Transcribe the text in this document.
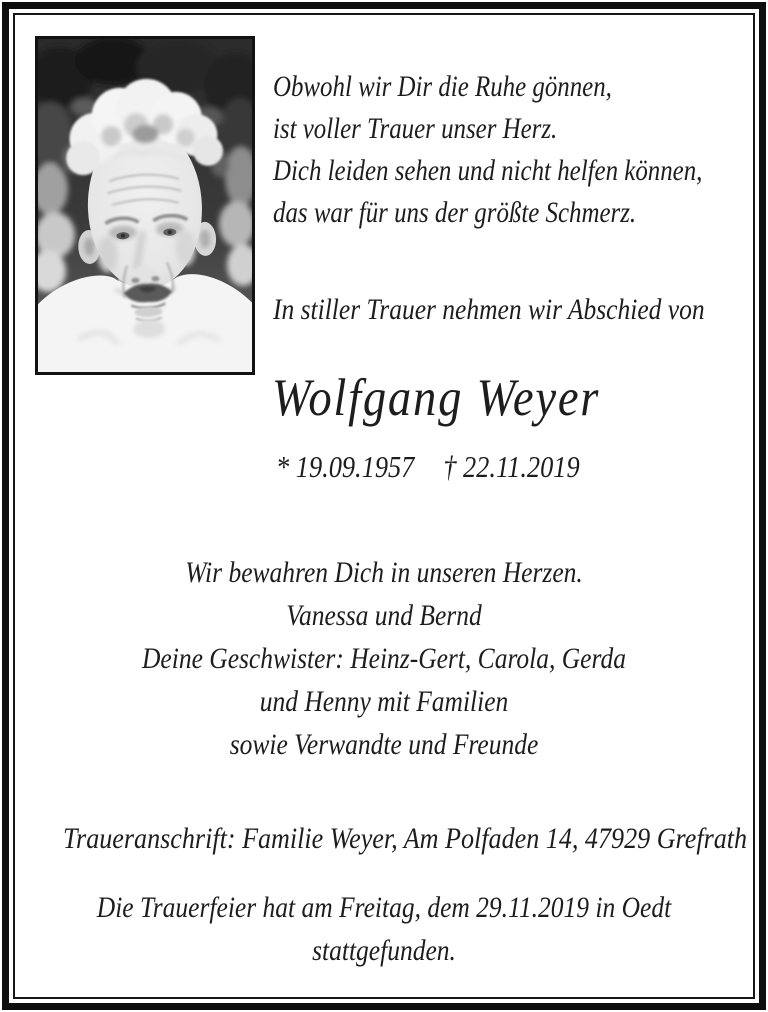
Obwohl wir Dir die Ruhe gönnen,
ist voller Trauer unser Herz.
Dich leiden sehen und nicht helfen können,
das war für uns der größte Schmerz.
In stiller Trauer nehmen wir Abschied von
Wolfgang Weyer
* 19.09.1957 † 22.11.2019
Wir bewahren Dich in unseren Herzen.
Vanessa und Bernd
Deine Geschwister: Heinz-Gert, Carola, Gerda
und Henny mit Familien
sowie Verwandte und Freunde
Traueranschrift: Familie Weyer, Am Polfaden 14, 47929 Grefrath
Die Trauerfeier hat am Freitag, dem 29.11.2019 in Oedt
stattgefunden.
